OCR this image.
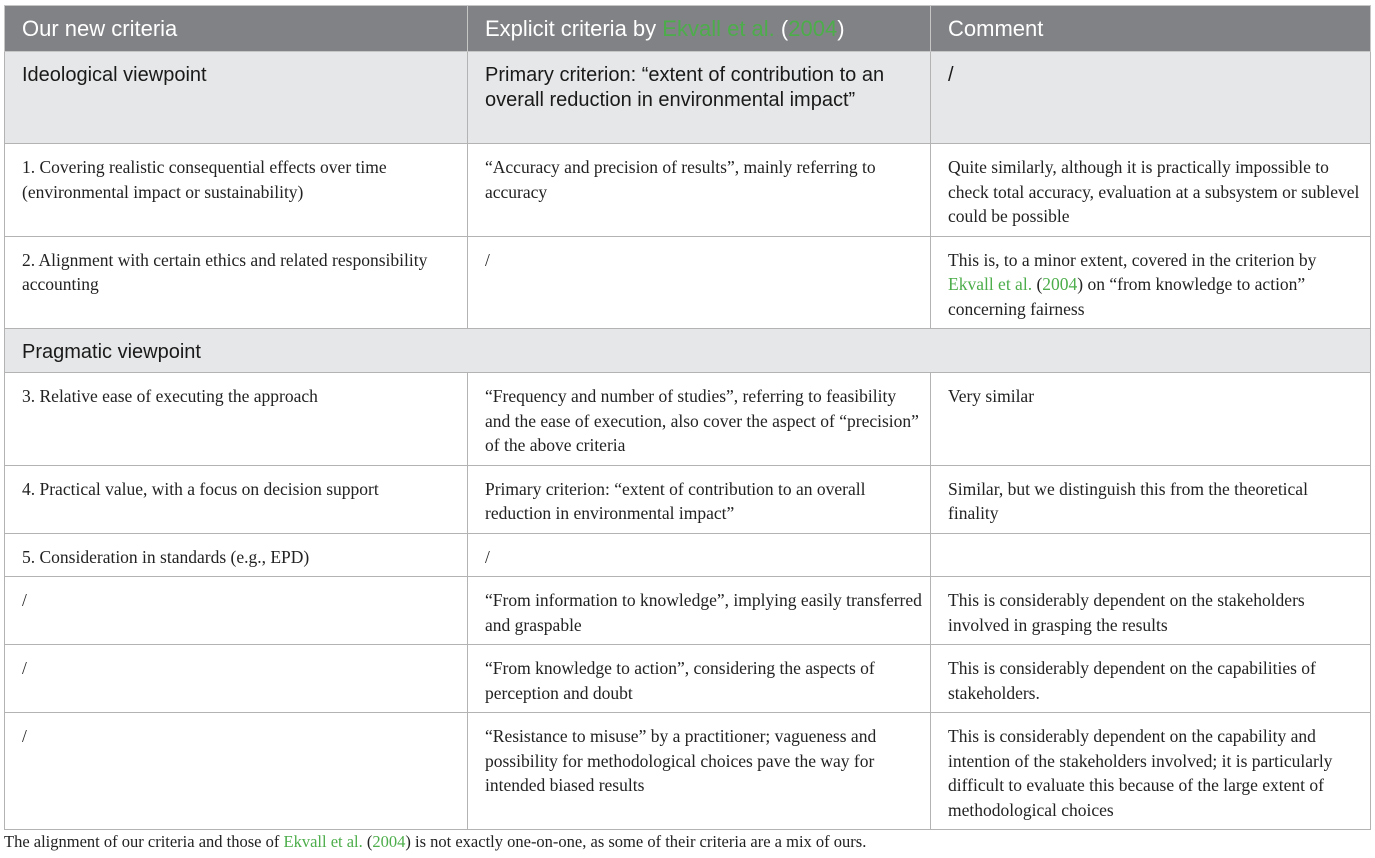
Our new criteria	Explicit criteria by Ekvall et al. (2004)	Comment
Ideological viewpoint	Primary criterion: “extent of contribution to an overall reduction in environmental impact”	/
1. Covering realistic consequential effects over time (environmental impact or sustainability)	“Accuracy and precision of results”, mainly referring to accuracy	Quite similarly, although it is practically impossible to check total accuracy, evaluation at a subsystem or sublevel could be possible
2. Alignment with certain ethics and related responsibility accounting	/	This is, to a minor extent, covered in the criterion by Ekvall et al. (2004) on “from knowledge to action” concerning fairness
Pragmatic viewpoint		
3. Relative ease of executing the approach	“Frequency and number of studies”, referring to feasibility and the ease of execution, also cover the aspect of “precision” of the above criteria	Very similar
4. Practical value, with a focus on decision support	Primary criterion: “extent of contribution to an overall reduction in environmental impact”	Similar, but we distinguish this from the theoretical finality
5. Consideration in standards (e.g., EPD)	/	
/	“From information to knowledge”, implying easily transferred and graspable	This is considerably dependent on the stakeholders involved in grasping the results
/	“From knowledge to action”, considering the aspects of perception and doubt	This is considerably dependent on the capabilities of stakeholders.
/	“Resistance to misuse” by a practitioner; vagueness and possibility for methodological choices pave the way for intended biased results	This is considerably dependent on the capability and intention of the stakeholders involved; it is particularly difficult to evaluate this because of the large extent of methodological choices
The alignment of our criteria and those of Ekvall et al. (2004) is not exactly one-on-one, as some of their criteria are a mix of ours.
